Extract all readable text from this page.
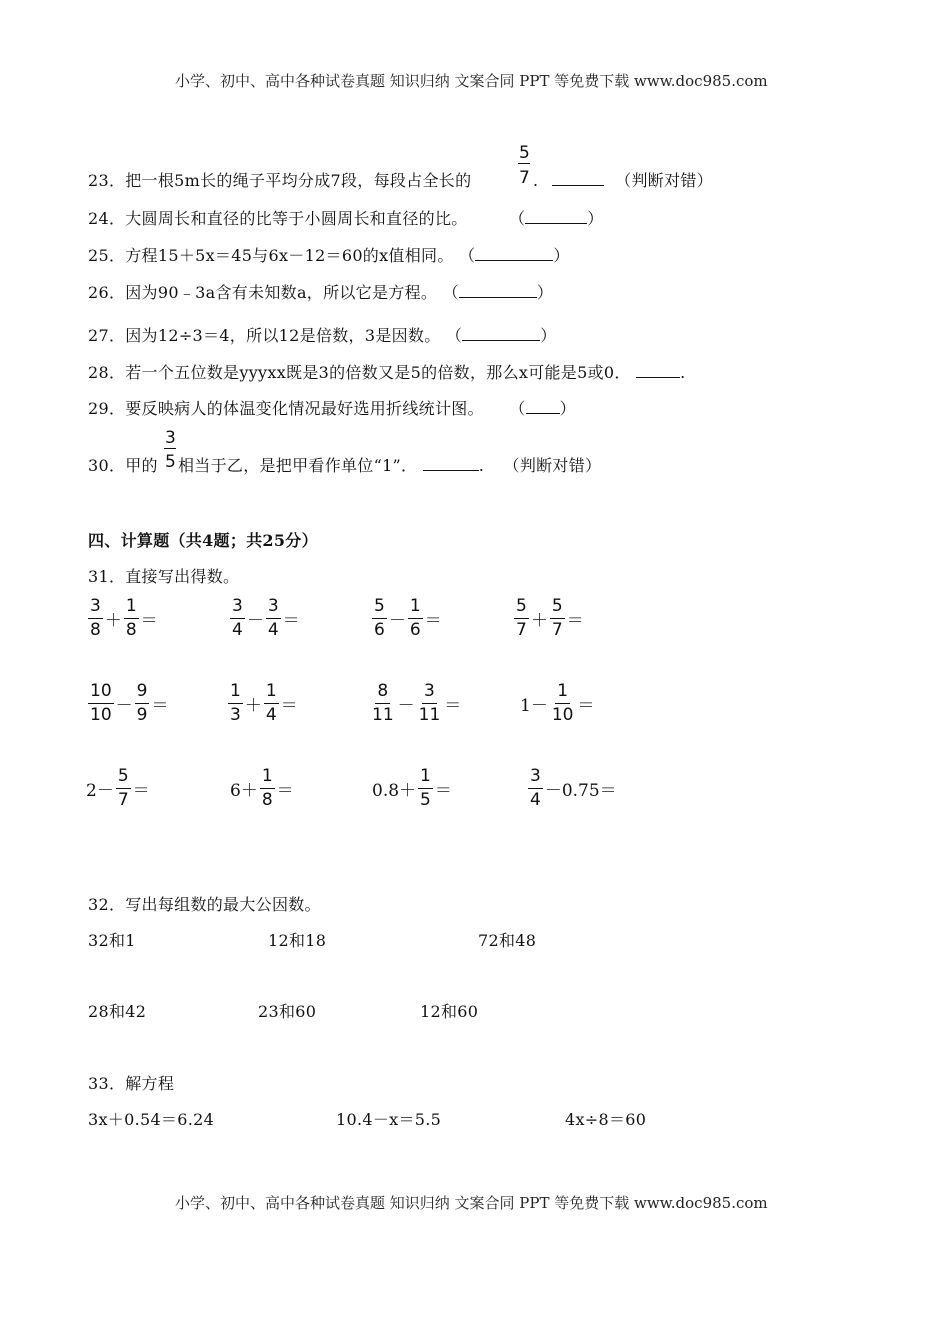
小学、初中、高中各种试卷真题 知识归纳 文案合同 PPT 等免费下载 www.doc985.com
23．把一根5m长的绳子平均分成7段，每段占全长的
5
7 .	（判断对错）
24．大圆周长和直径的比等于小圆周长和直径的比。	（	）
25．方程15＋5x＝45与6x－12＝60的x值相同。 （	）
26．因为90﹣3a含有未知数a，所以它是方程。 （	）
27．因为12÷3＝4，所以12是倍数，3是因数。 （	）
28．若一个五位数是yyyxx既是3的倍数又是5的倍数，那么x可能是5或0．	.
29．要反映病人的体温变化情况最好选用折线统计图。 （ ）
30．甲的
3
5 相当于乙，是把甲看作单位“1”．	. （判断对错）
四、计算题（共4题；共25分）
31．直接写出得数。
$\frac{3}{8} + \frac{1}{8}$ ＝	$\frac{3}{4} - \frac{3}{4}$ ＝	$\frac{5}{6} - \frac{1}{6}$ ＝	$\frac{5}{7} + \frac{5}{7}$ ＝
$\frac{10}{10} - \frac{9}{9}$ ＝	$\frac{1}{3} + \frac{1}{4}$ ＝	$\frac{8}{11} - \frac{3}{11}$ ＝	$1- \frac{1}{10}$ ＝
$2- \frac{5}{7}$ ＝	$6+ \frac{1}{8}$ ＝	$0.8+ \frac{1}{5}$ ＝	$\frac{3}{4} -0.75=$
32．写出每组数的最大公因数。
32和1	12和18	72和48
28和42	23和60	12和60
33．解方程
3x＋0.54＝6.24	10.4－x＝5.5	4x÷8＝60
小学、初中、高中各种试卷真题 知识归纳 文案合同 PPT 等免费下载 www.doc985.com
